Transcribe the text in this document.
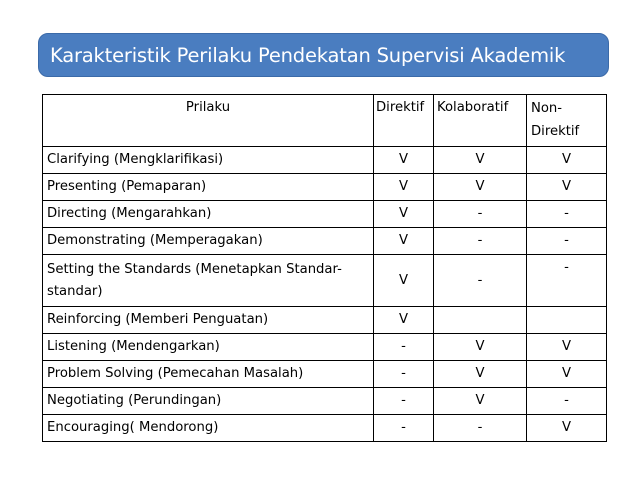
Karakteristik Perilaku Pendekatan Supervisi Akademik
Prilaku	Direktif	Kolaboratif	Non-Direktif
Clarifying (Mengklarifikasi)	V	V	V
Presenting (Pemaparan)	V	V	V
Directing (Mengarahkan)	V	-	-
Demonstrating (Memperagakan)	V	-	-
Setting the Standards (Menetapkan Standar-standar)	V	-	-
Reinforcing (Memberi Penguatan)	V		
Listening (Mendengarkan)	-	V	V
Problem Solving (Pemecahan Masalah)	-	V	V
Negotiating (Perundingan)	-	V	-
Encouraging( Mendorong)	-	-	V
